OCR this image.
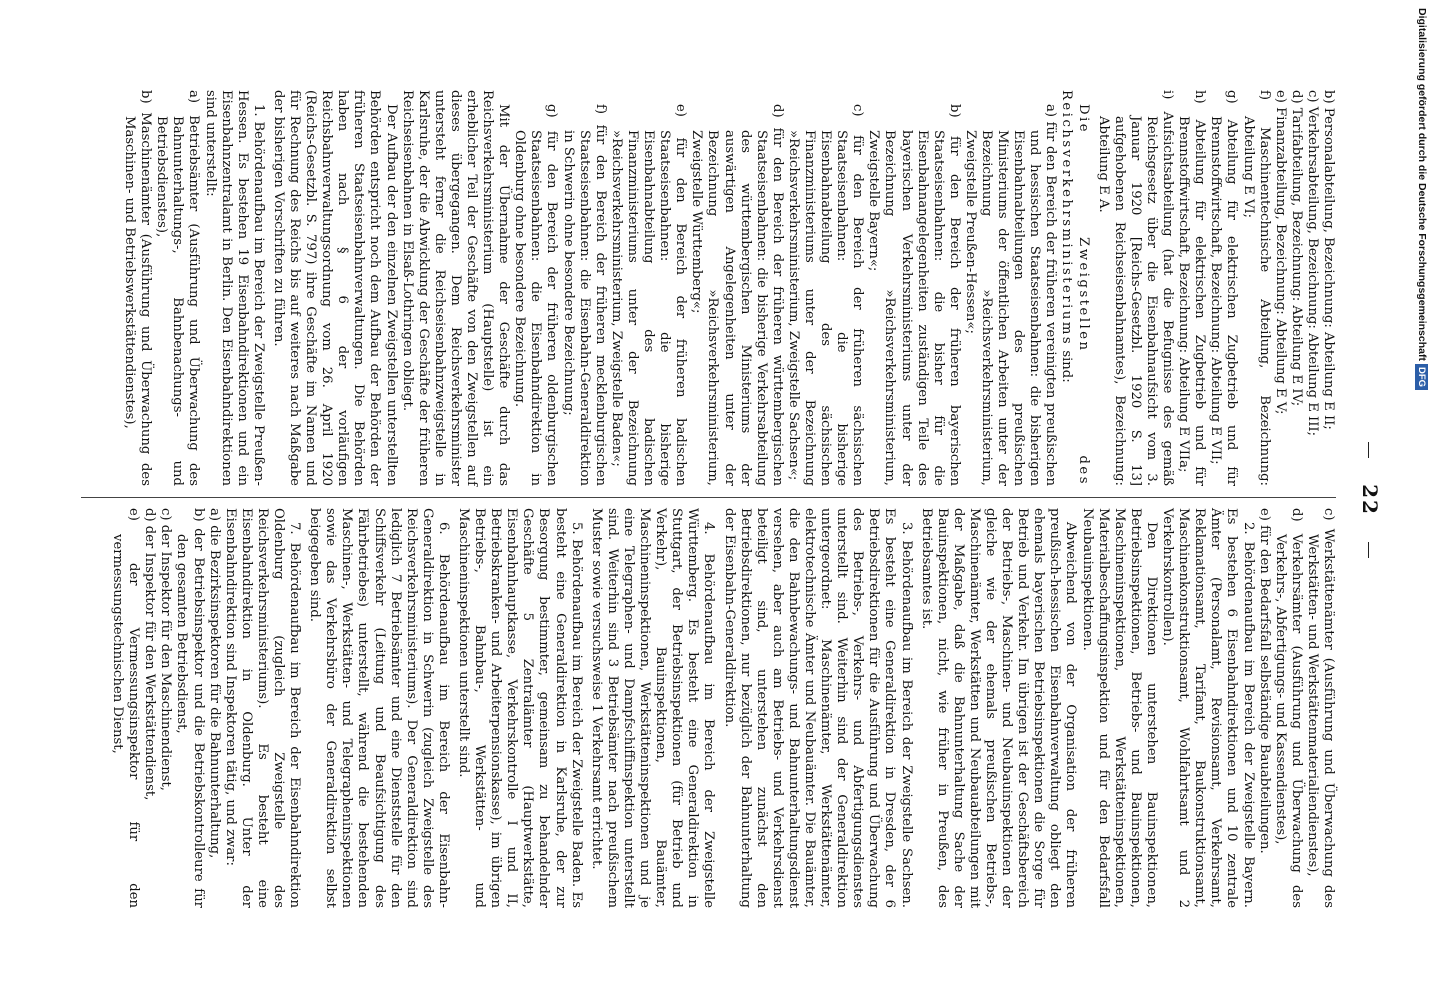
22
b) Personalabteilung, Bezeichnung: Abteilung E II;
c) Verkehrsabteilung, Bezeichnung: Abteilung E III;
d) Tarifabteilung, Bezeichnung: Abteilung E IV;
e) Finanzabteilung, Bezeichnung: Abteilung E V;
f) Maschinentechnische Abteilung, Bezeichnung: Abteilung E VI;
g) Abteilung für elektrischen Zugbetrieb und für Brennstoffwirtschaft, Bezeichnung: Abteilung E VII;
h) Abteilung für elektrischen Zugbetrieb und für Brennstoffwirtschaft, Bezeichnung: Abteilung E VIIa;
i) Aufsichtsabteilung (hat die Befugnisse des gemäß Reichsgesetz über die Eisenbahnaufsicht vom 3. Januar 1920 [Reichs-Gesetzbl. 1920 S. 13] aufgehobenen Reichseisenbahnamtes), Bezeichnung: Abteilung E A.

Die Zweigstellen des Reichsverkehrsministeriums sind:

a) für den Bereich der früheren vereinigten preußischen und hessischen Staatseisenbahnen: die bisherigen Eisenbahnabteilungen des preußischen Ministeriums der öffentlichen Arbeiten unter der Bezeichnung »Reichsverkehrsministerium, Zweigstelle Preußen-Hessen«;
b) für den Bereich der früheren bayerischen Staatseisenbahnen: die bisher für die Eisenbahnangelegenheiten zuständigen Teile des bayerischen Verkehrsministeriums unter der Bezeichnung »Reichsverkehrsministerium, Zweigstelle Bayern«;
c) für den Bereich der früheren sächsischen Staatseisenbahnen: die bisherige Eisenbahnabteilung des sächsischen Finanzministeriums unter der Bezeichnung »Reichsverkehrsministerium, Zweigstelle Sachsen«;
d) für den Bereich der früheren württembergischen Staatseisenbahnen: die bisherige Verkehrsabteilung des württembergischen Ministeriums der auswärtigen Angelegenheiten unter der Bezeichnung »Reichsverkehrsministerium, Zweigstelle Württemberg«;
e) für den Bereich der früheren badischen Staatseisenbahnen: die bisherige Eisenbahnabteilung des badischen Finanzministeriums unter der Bezeichnung »Reichsverkehrsministerium, Zweigstelle Baden«;
f) für den Bereich der früheren mecklenburgischen Staatseisenbahnen: die Eisenbahn-Generaldirektion in Schwerin ohne besondere Bezeichnung;
g) für den Bereich der früheren oldenburgischen Staatseisenbahnen: die Eisenbahndirektion in Oldenburg ohne besondere Bezeichnung.

Mit der Übernahme der Geschäfte durch das Reichsverkehrsministerium (Hauptstelle) ist ein erheblicher Teil der Geschäfte von den Zweigstellen auf dieses übergegangen. Dem Reichsverkehrsminister untersteht ferner die Reichseisenbahnzweigstelle in Karlsruhe, der die Abwicklung der Geschäfte der früheren Reichseisenbahnen in Elsaß-Lothringen obliegt.

Der Aufbau der den einzelnen Zweigstellen unterstellten Behörden entspricht noch dem Aufbau der Behörden der früheren Staatseisenbahnverwaltungen. Die Behörden haben nach § 6 der vorläufigen Reichsbahnverwaltungsordnung vom 26. April 1920 (Reichs-Gesetzbl. S. 797) ihre Geschäfte im Namen und für Rechnung des Reichs bis auf weiteres nach Maßgabe der bisherigen Vorschriften zu führen.

1. Behördenaufbau im Bereich der Zweigstelle Preußen-Hessen. Es bestehen 19 Eisenbahndirektionen und ein Eisenbahnzentralamt in Berlin. Den Eisenbahndirektionen sind unterstellt:

a) Betriebsämter (Ausführung und Überwachung des Bahnunterhaltungs-, Bahnbenachungs- und Betriebsdienstes),
b) Maschinenämter (Ausführung und Überwachung des Maschinen- und Betriebswerkstättendienstes),
c) Werkstättenämter (Ausführung und Überwachung des Werkstätten- und Werkstättenmaterialiendienstes),
d) Verkehrsämter (Ausführung und Überwachung des Verkehrs-, Abfertigungs- und Kassendienstes),
e) für den Bedarfsfall selbständige Bauabteilungen.

2. Behördenaufbau im Bereich der Zweigstelle Bayern. Es bestehen 6 Eisenbahndirektionen und 10 zentrale Ämter (Personalamt, Revisionsamt, Verkehrsamt, Reklamationsamt, Tarifamt, Baukonstruktionsamt, Maschinenkonstruktionsamt, Wohlfahrtsamt und 2 Verkehrskontrollen).

Den Direktionen unterstehen Bauinspektionen, Betriebsinspektionen, Betriebs- und Bauinspektionen, Maschineninspektionen, Werkstätteninspektionen, Materialbeschaffungsinspektion und für den Bedarfsfall Neubauinspektionen.

Abweichend von der Organisation der früheren preußisch-hessischen Eisenbahnverwaltung obliegt den ehemals bayerischen Betriebsinspektionen die Sorge für Betrieb und Verkehr. Im übrigen ist der Geschäftsbereich der Betriebs-, Maschinen- und Neubauinspektionen der gleiche wie der ehemals preußischen Betriebs-, Maschinenämter, Werkstätten und Neubauabteilungen mit der Maßgabe, daß die Bahnunterhaltung Sache der Bauinspektionen, nicht, wie früher in Preußen, des Betriebsamtes ist.

3. Behördenaufbau im Bereich der Zweigstelle Sachsen. Es besteht eine Generaldirektion in Dresden, der 6 Betriebsdirektionen für die Ausführung und Überwachung des Betriebs-, Verkehrs- und Abfertigungsdienstes unterstellt sind. Weiterhin sind der Generaldirektion untergeordnet: Maschinenämter, Werkstättenämter, elektrotechnische Ämter und Neubauämter. Die Bauämter, die den Bahnbewachungs- und Bahnunterhaltungsdienst versehen, aber auch am Betriebs- und Verkehrsdienst beteiligt sind, unterstehen zunächst den Betriebsdirektionen, nur bezüglich der Bahnunterhaltung der Eisenbahn-Generaldirektion.

4. Behördenaufbau im Bereich der Zweigstelle Württemberg. Es besteht eine Generaldirektion in Stuttgart, der Betriebsinspektionen (für Betrieb und Verkehr), Bauinspektionen, Bauämter, Maschineninspektionen, Werkstätteninspektionen und je eine Telegraphen- und Dampfschiffinspektion unterstellt sind. Weiterhin sind 3 Betriebsämter nach preußischem Muster sowie versuchsweise 1 Verkehrsamt errichtet.

5. Behördenaufbau im Bereich der Zweigstelle Baden. Es besteht eine Generaldirektion in Karlsruhe, der zur Besorgung bestimmter, gemeinsam zu behandelnder Geschäfte 5 Zentralämter (Hauptwerkstätte, Eisenbahnhauptkasse, Verkehrskontrolle I und II, Betriebskranken- und Arbeiterpensionskasse), im übrigen Betriebs-, Bahnbau-, Werkstätten- und Maschineninspektionen unterstellt sind.

6. Behördenaufbau im Bereich der Eisenbahn-Generaldirektion in Schwerin (zugleich Zweigstelle des Reichsverkehrsministeriums). Der Generaldirektion sind lediglich 7 Betriebsämter und eine Dienststelle für den Schiffsverkehr (Leitung und Beaufsichtigung des Fährbetriebes) unterstellt, während die bestehenden Maschinen-, Werkstätten- und Telegrapheninspektionen sowie das Verkehrsbüro der Generaldirektion selbst beigegeben sind.

7. Behördenaufbau im Bereich der Eisenbahndirektion Oldenburg (zugleich Zweigstelle des Reichsverkehrsministeriums). Es besteht eine Eisenbahndirektion in Oldenburg. Unter der Eisenbahndirektion sind Inspektoren tätig, und zwar:

a) die Bezirksinspektoren für die Bahnunterhaltung,
b) der Betriebsinspektor und die Betriebskontrolleure für den gesamten Betriebsdienst,
c) der Inspektor für den Maschinendienst,
d) der Inspektor für den Werkstättendienst,
e) der Vermessungsinspektor für den vermessungstechnischen Dienst,
Digitalisierung gefördert durch die Deutsche ForschungsgemeinschaftDFG
